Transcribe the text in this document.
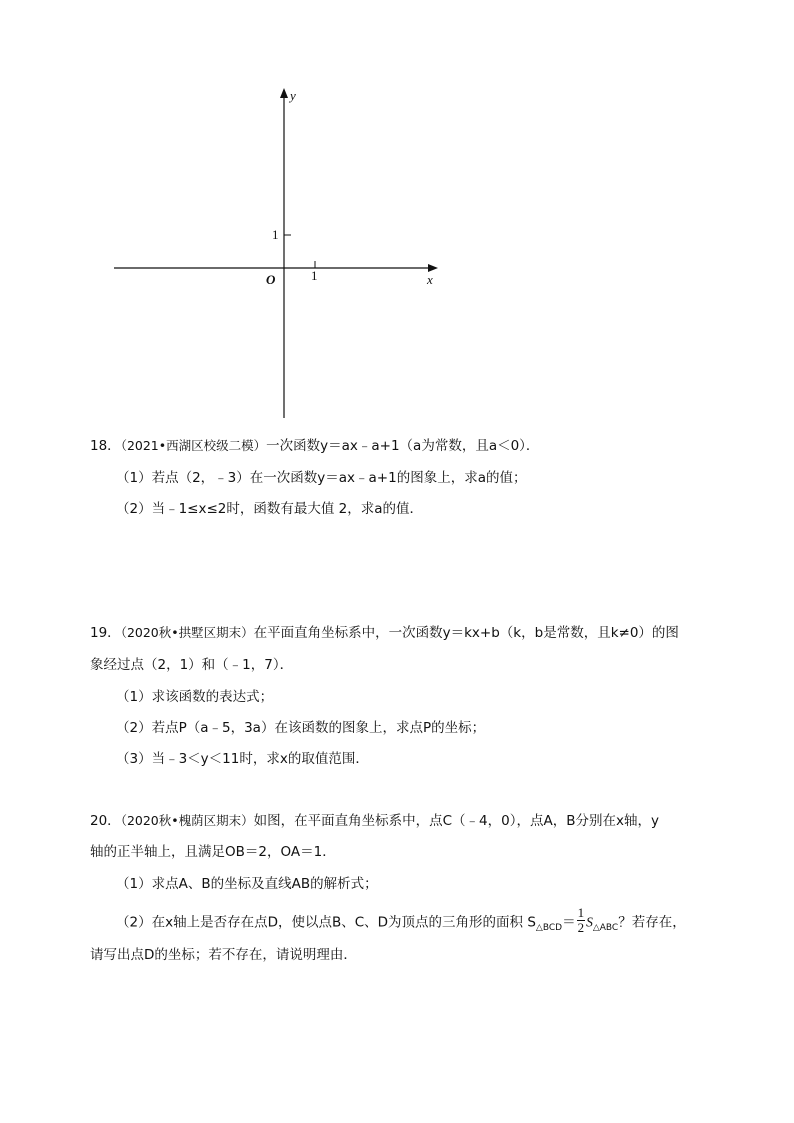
y
x
O
1
1
18．（2021•西湖区校级二模）一次函数y＝ax﹣a+1（a为常数，且a＜0）．
（1）若点（2，﹣3）在一次函数y＝ax﹣a+1的图象上，求a的值；
（2）当﹣1≤x≤2时，函数有最大值 2，求a的值．
19．（2020秋•拱墅区期末）在平面直角坐标系中，一次函数y＝kx+b（k，b是常数，且k≠0）的图
象经过点（2，1）和（﹣1，7）．
（1）求该函数的表达式；
（2）若点P（a﹣5，3a）在该函数的图象上，求点P的坐标；
（3）当﹣3＜y＜11时，求x的取值范围．
20．（2020秋•槐荫区期末）如图，在平面直角坐标系中，点C（﹣4，0），点A，B分别在x轴，y
轴的正半轴上，且满足OB＝2，OA＝1．
（1）求点A、B的坐标及直线AB的解析式；
（2）在x轴上是否存在点D，使以点B、C、D为顶点的三角形的面积 $S_{\triangle BCD}= \frac{1}{2} S_{\triangle ABC}$？若存在，
请写出点D的坐标；若不存在，请说明理由．
